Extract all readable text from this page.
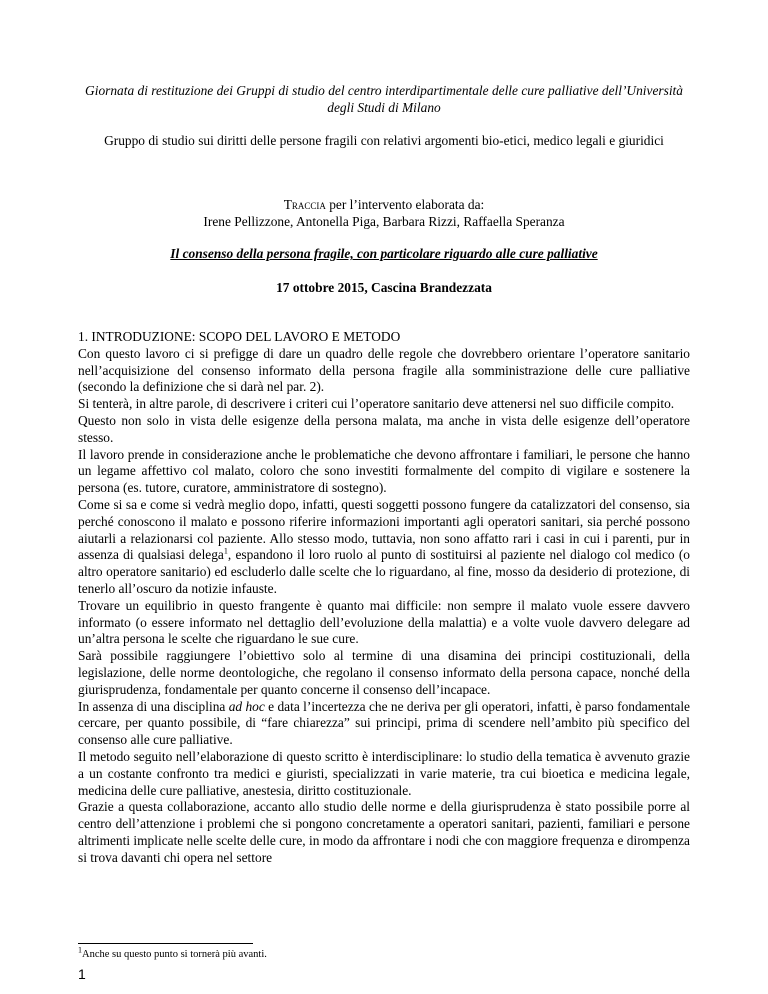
Giornata di restituzione dei Gruppi di studio del centro interdipartimentale delle cure palliative dell’Università degli Studi di Milano
Gruppo di studio sui diritti delle persone fragili con relativi argomenti bio-etici, medico legali e giuridici
Traccia per l’intervento elaborata da:
Irene Pellizzone, Antonella Piga, Barbara Rizzi, Raffaella Speranza
Il consenso della persona fragile, con particolare riguardo alle cure palliative
17 ottobre 2015, Cascina Brandezzata

1. INTRODUZIONE: SCOPO DEL LAVORO E METODO

Con questo lavoro ci si prefigge di dare un quadro delle regole che dovrebbero orientare l’operatore sanitario nell’acquisizione del consenso informato della persona fragile alla somministrazione delle cure palliative (secondo la definizione che si darà nel par. 2).

Si tenterà, in altre parole, di descrivere i criteri cui l’operatore sanitario deve attenersi nel suo difficile compito.

Questo non solo in vista delle esigenze della persona malata, ma anche in vista delle esigenze dell’operatore stesso.

Il lavoro prende in considerazione anche le problematiche che devono affrontare i familiari, le persone che hanno un legame affettivo col malato, coloro che sono investiti formalmente del compito di vigilare e sostenere la persona (es. tutore, curatore, amministratore di sostegno).

Come si sa e come si vedrà meglio dopo, infatti, questi soggetti possono fungere da catalizzatori del consenso, sia perché conoscono il malato e possono riferire informazioni importanti agli operatori sanitari, sia perché possono aiutarli a relazionarsi col paziente. Allo stesso modo, tuttavia, non sono affatto rari i casi in cui i parenti, pur in assenza di qualsiasi delega$^1$, espandono il loro ruolo al punto di sostituirsi al paziente nel dialogo col medico (o altro operatore sanitario) ed escluderlo dalle scelte che lo riguardano, al fine, mosso da desiderio di protezione, di tenerlo all’oscuro da notizie infauste.

Trovare un equilibrio in questo frangente è quanto mai difficile: non sempre il malato vuole essere davvero informato (o essere informato nel dettaglio dell’evoluzione della malattia) e a volte vuole davvero delegare ad un’altra persona le scelte che riguardano le sue cure.

Sarà possibile raggiungere l’obiettivo solo al termine di una disamina dei principi costituzionali, della legislazione, delle norme deontologiche, che regolano il consenso informato della persona capace, nonché della giurisprudenza, fondamentale per quanto concerne il consenso dell’incapace.

In assenza di una disciplina ad hoc e data l’incertezza che ne deriva per gli operatori, infatti, è parso fondamentale cercare, per quanto possibile, di “fare chiarezza” sui principi, prima di scendere nell’ambito più specifico del consenso alle cure palliative.

Il metodo seguito nell’elaborazione di questo scritto è interdisciplinare: lo studio della tematica è avvenuto grazie a un costante confronto tra medici e giuristi, specializzati in varie materie, tra cui bioetica e medicina legale, medicina delle cure palliative, anestesia, diritto costituzionale.

Grazie a questa collaborazione, accanto allo studio delle norme e della giurisprudenza è stato possibile porre al centro dell’attenzione i problemi che si pongono concretamente a operatori sanitari, pazienti, familiari e persone altrimenti implicate nelle scelte delle cure, in modo da affrontare i nodi che con maggiore frequenza e dirompenza si trova davanti chi opera nel settore

$^1$Anche su questo punto si tornerà più avanti.
1
